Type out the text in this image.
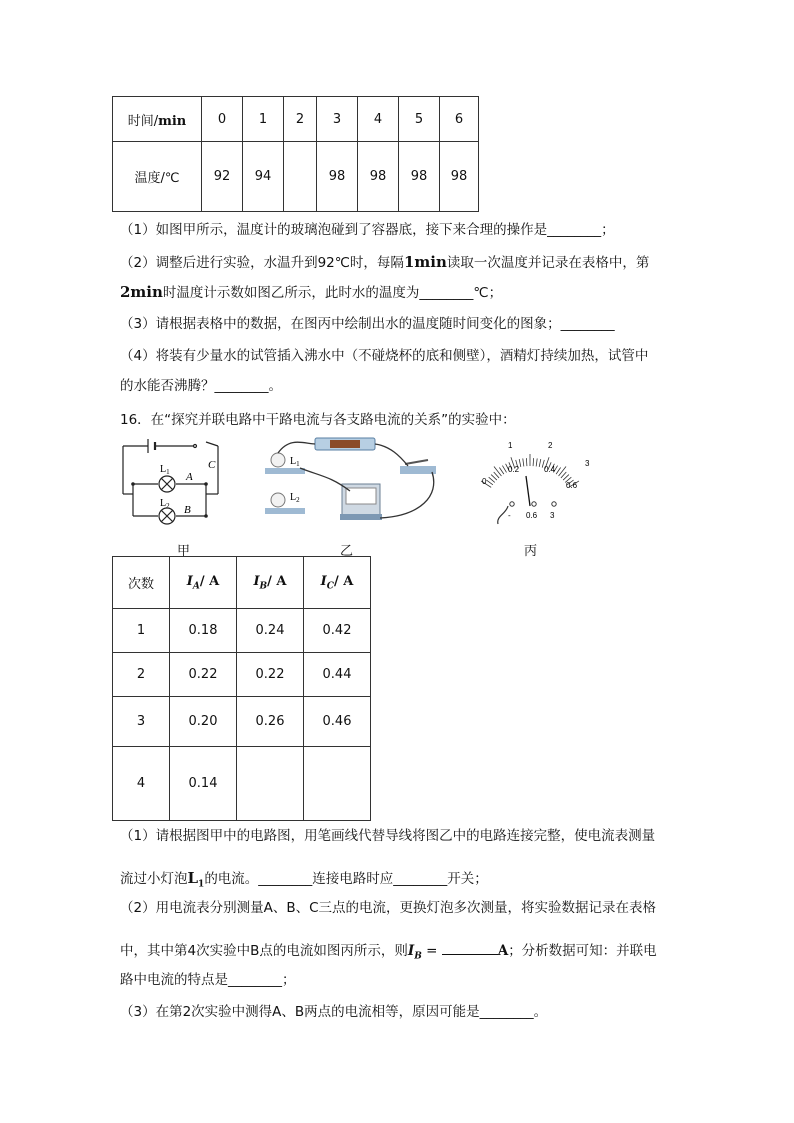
时间/min	0	1	2	3	4	5	6
温度/℃	92	94		98	98	98	98
（1）如图甲所示，温度计的玻璃泡碰到了容器底，接下来合理的操作是________；
（2）调整后进行实验，水温升到92℃时，每隔1min读取一次温度并记录在表格中，第
2min时温度计示数如图乙所示，此时水的温度为________℃；
（3）请根据表格中的数据，在图丙中绘制出水的温度随时间变化的图象；________
（4）将装有少量水的试管插入沸水中（不碰烧杯的底和侧壁），酒精灯持续加热，试管中
的水能否沸腾？________。
16．在“探究并联电路中干路电流与各支路电流的关系”的实验中：
$L_1$
$L_2$
A
B
C	$L_1$
$L_2$
1	2
0.2	0.4
0	0.6
3
- 0.6 3
甲	乙	丙
次数	$I_A/$ A	$I_B/$ A	$I_C/$ A
1	0.18	0.24	0.42
2	0.22	0.22	0.44
3	0.20	0.26	0.46
4	0.14		
（1）请根据图甲中的电路图，用笔画线代替导线将图乙中的电路连接完整，使电流表测量
流过小灯泡$L_1$的电流。________连接电路时应________开关；
（2）用电流表分别测量A、B、C三点的电流，更换灯泡多次测量，将实验数据记录在表格
中，其中第4次实验中B点的电流如图丙所示，则$I_B$ =	A；分析数据可知：并联电
路中电流的特点是________；
（3）在第2次实验中测得A、B两点的电流相等，原因可能是________。
